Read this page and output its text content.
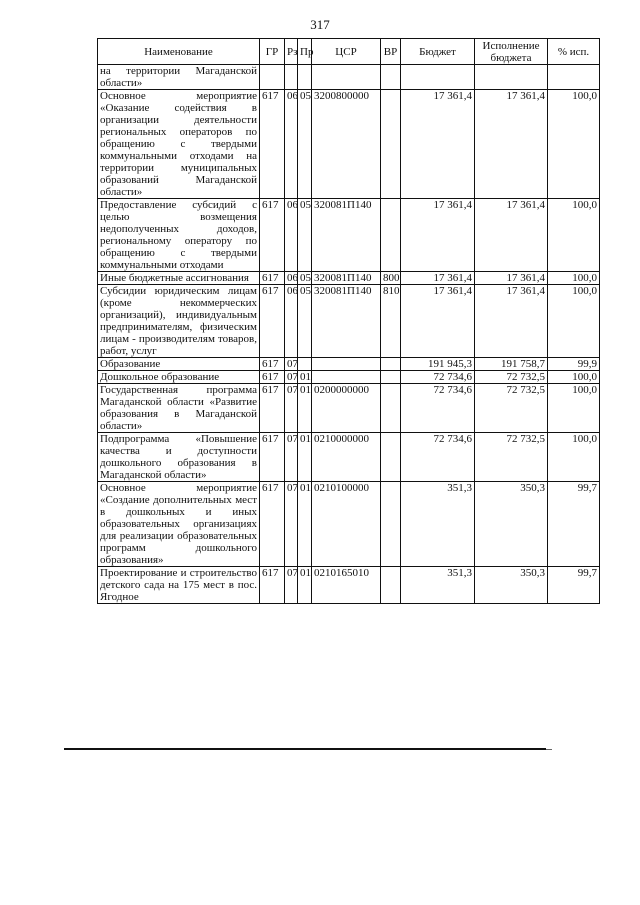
317
Наименование	ГР	Рз	Пр	ЦСР	ВР	Бюджет	Исполнение бюджета	% исп.
на территории Магаданской области»								
Основное мероприятие «Оказание содействия в организации деятельности региональных операторов по обращению с твердыми коммунальными отходами на территории муниципальных образований Магаданской области»	617	06	05	3200800000		17 361,4	17 361,4	100,0
Предоставление субсидий с целью возмещения недополученных доходов, региональному оператору по обращению с твердыми коммунальными отходами	617	06	05	320081П140		17 361,4	17 361,4	100,0
Иные бюджетные ассигнования	617	06	05	320081П140	800	17 361,4	17 361,4	100,0
Субсидии юридическим лицам (кроме некоммерческих организаций), индивидуальным предпринимателям, физическим лицам - производителям товаров, работ, услуг	617	06	05	320081П140	810	17 361,4	17 361,4	100,0
Образование	617	07				191 945,3	191 758,7	99,9
Дошкольное образование	617	07	01			72 734,6	72 732,5	100,0
Государственная программа Магаданской области «Развитие образования в Магаданской области»	617	07	01	0200000000		72 734,6	72 732,5	100,0
Подпрограмма «Повышение качества и доступности дошкольного образования в Магаданской области»	617	07	01	0210000000		72 734,6	72 732,5	100,0
Основное мероприятие «Создание дополнительных мест в дошкольных и иных образовательных организациях для реализации образовательных программ дошкольного образования»	617	07	01	0210100000		351,3	350,3	99,7
Проектирование и строительство детского сада на 175 мест в пос. Ягодное	617	07	01	0210165010		351,3	350,3	99,7
